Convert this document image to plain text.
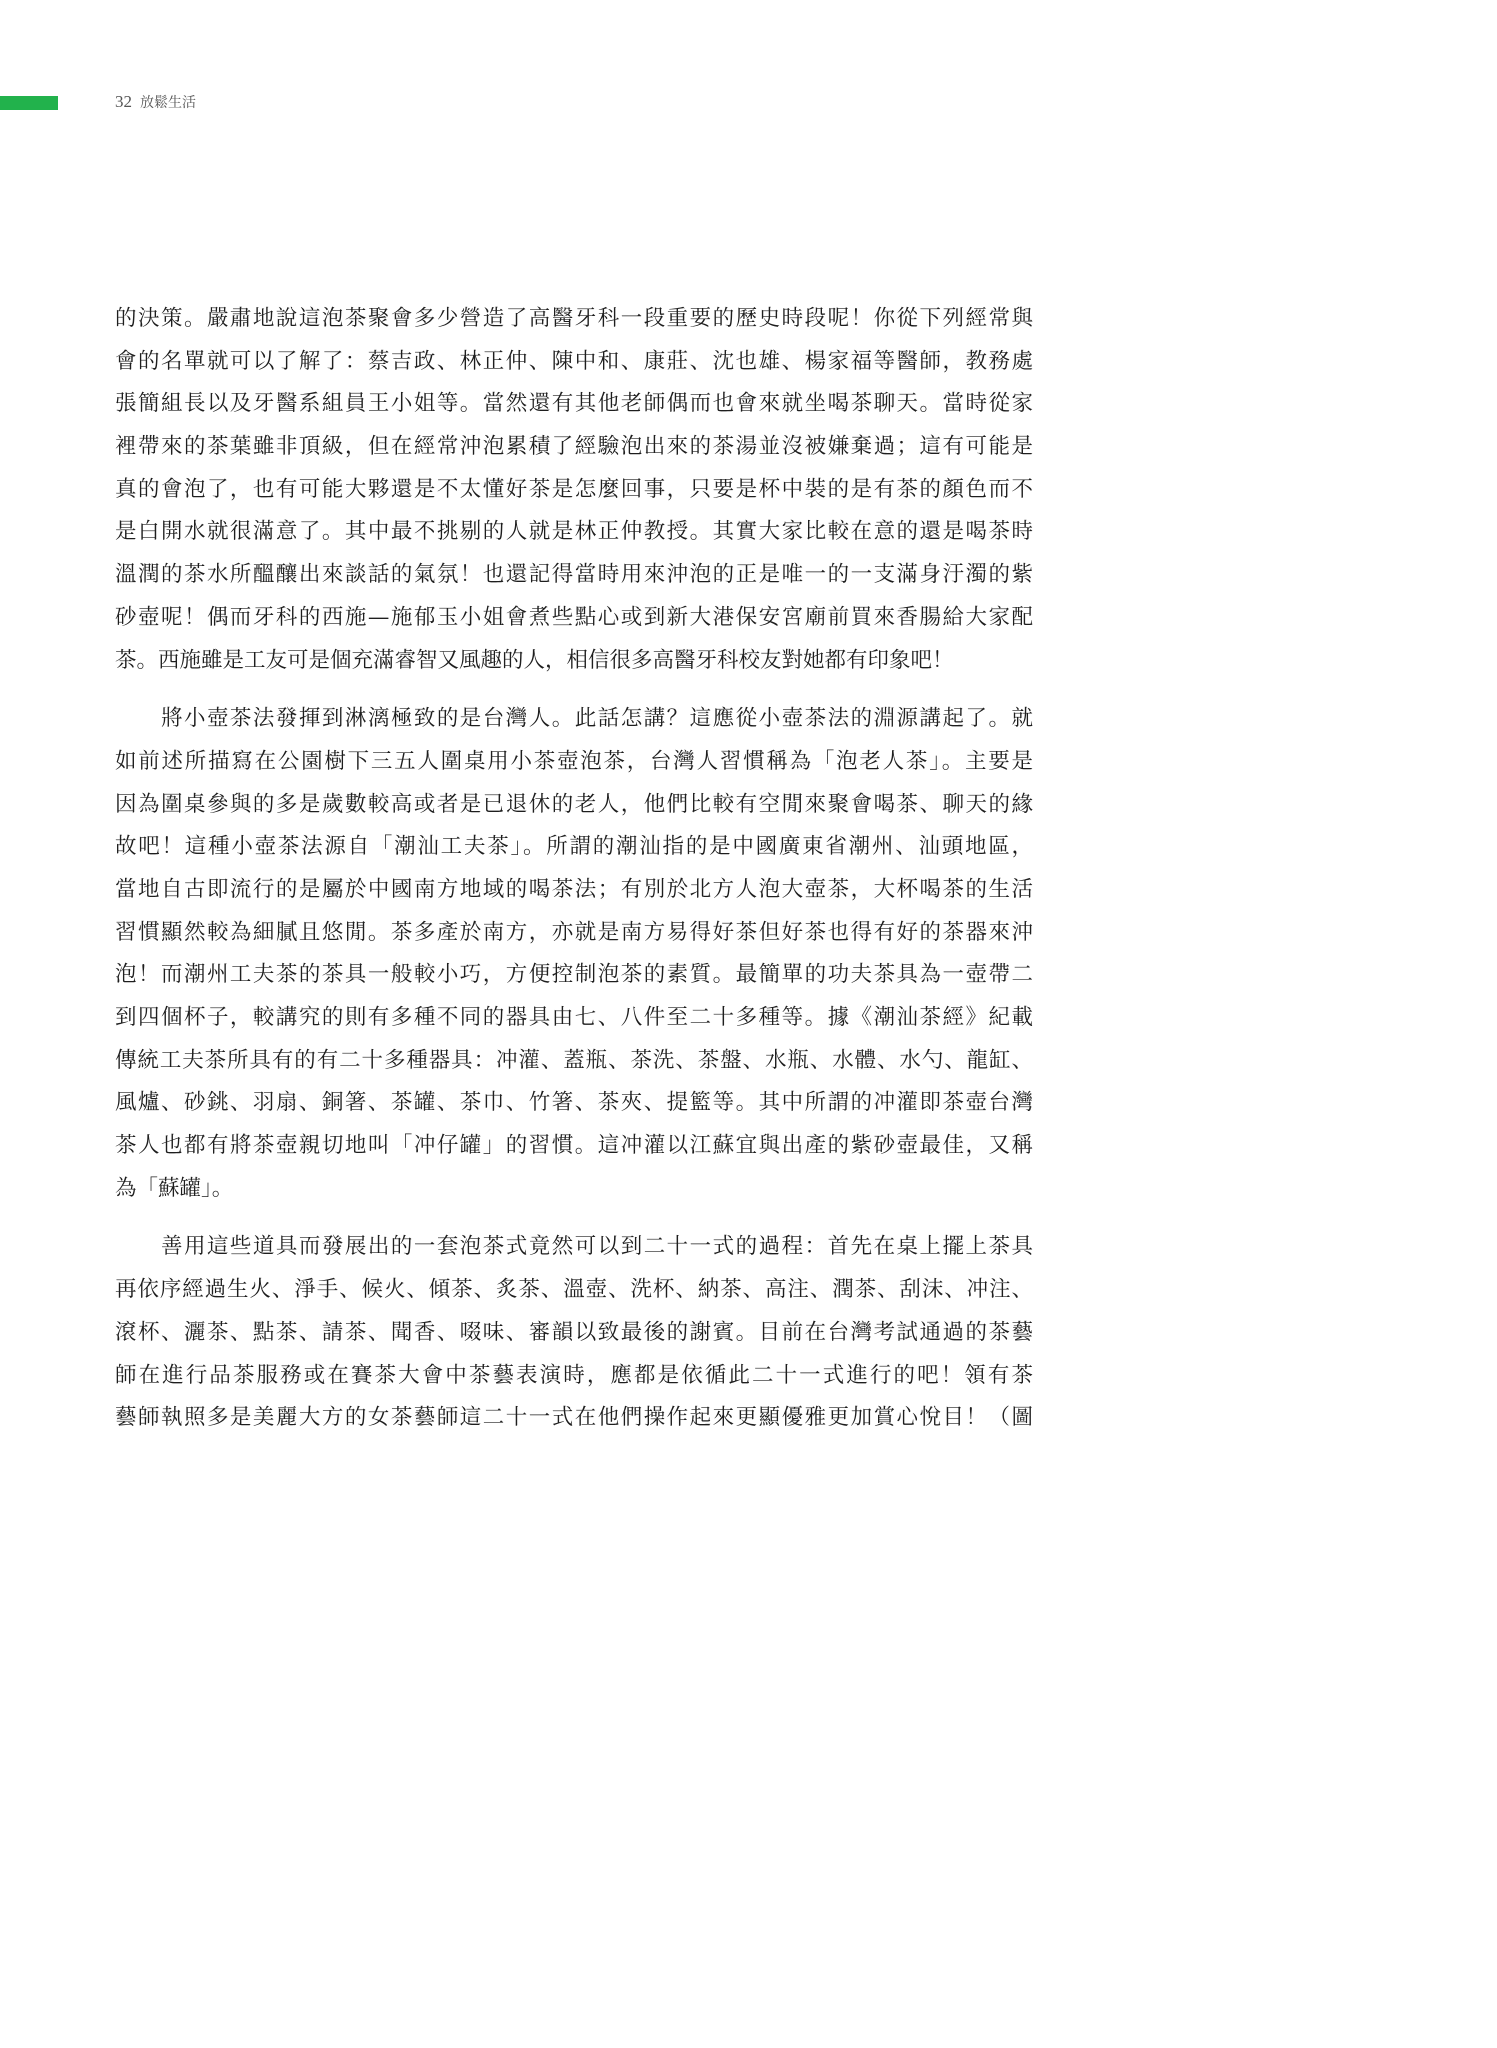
32 放鬆生活
的決策。嚴肅地說這泡茶聚會多少營造了高醫牙科一段重要的歷史時段呢！你從下列經常與
會的名單就可以了解了：蔡吉政、林正仲、陳中和、康莊、沈也雄、楊家福等醫師，教務處
張簡組長以及牙醫系組員王小姐等。當然還有其他老師偶而也會來就坐喝茶聊天。當時從家
裡帶來的茶葉雖非頂級，但在經常沖泡累積了經驗泡出來的茶湯並沒被嫌棄過；這有可能是
真的會泡了，也有可能大夥還是不太懂好茶是怎麼回事，只要是杯中裝的是有茶的顏色而不
是白開水就很滿意了。其中最不挑剔的人就是林正仲教授。其實大家比較在意的還是喝茶時
溫潤的茶水所醞釀出來談話的氣氛！也還記得當時用來沖泡的正是唯一的一支滿身汙濁的紫
砂壺呢！偶而牙科的西施—施郁玉小姐會煮些點心或到新大港保安宮廟前買來香腸給大家配
茶。西施雖是工友可是個充滿睿智又風趣的人，相信很多高醫牙科校友對她都有印象吧！
　　將小壺茶法發揮到淋漓極致的是台灣人。此話怎講？這應從小壺茶法的淵源講起了。就
如前述所描寫在公園樹下三五人圍桌用小茶壺泡茶，台灣人習慣稱為「泡老人茶」。主要是
因為圍桌參與的多是歲數較高或者是已退休的老人，他們比較有空閒來聚會喝茶、聊天的緣
故吧！這種小壺茶法源自「潮汕工夫茶」。所謂的潮汕指的是中國廣東省潮州、汕頭地區，
當地自古即流行的是屬於中國南方地域的喝茶法；有別於北方人泡大壺茶，大杯喝茶的生活
習慣顯然較為細膩且悠閒。茶多產於南方，亦就是南方易得好茶但好茶也得有好的茶器來沖
泡！而潮州工夫茶的茶具一般較小巧，方便控制泡茶的素質。最簡單的功夫茶具為一壺帶二
到四個杯子，較講究的則有多種不同的器具由七、八件至二十多種等。據《潮汕茶經》紀載
傳統工夫茶所具有的有二十多種器具：冲灌、蓋瓶、茶洗、茶盤、水瓶、水體、水勺、龍缸、
風爐、砂銚、羽扇、銅箸、茶罐、茶巾、竹箸、茶夾、提籃等。其中所謂的冲灌即茶壺台灣
茶人也都有將茶壺親切地叫「冲仔罐」的習慣。這冲灌以江蘇宜與出產的紫砂壺最佳，又稱
為「蘇罐」。
　　善用這些道具而發展出的一套泡茶式竟然可以到二十一式的過程：首先在桌上擺上茶具
再依序經過生火、淨手、候火、傾茶、炙茶、溫壺、洗杯、納茶、高注、潤茶、刮沫、冲注、
滾杯、灑茶、點茶、請茶、聞香、啜味、審韻以致最後的謝賓。目前在台灣考試通過的茶藝
師在進行品茶服務或在賽茶大會中茶藝表演時，應都是依循此二十一式進行的吧！領有茶
藝師執照多是美麗大方的女茶藝師這二十一式在他們操作起來更顯優雅更加賞心悅目！（圖
